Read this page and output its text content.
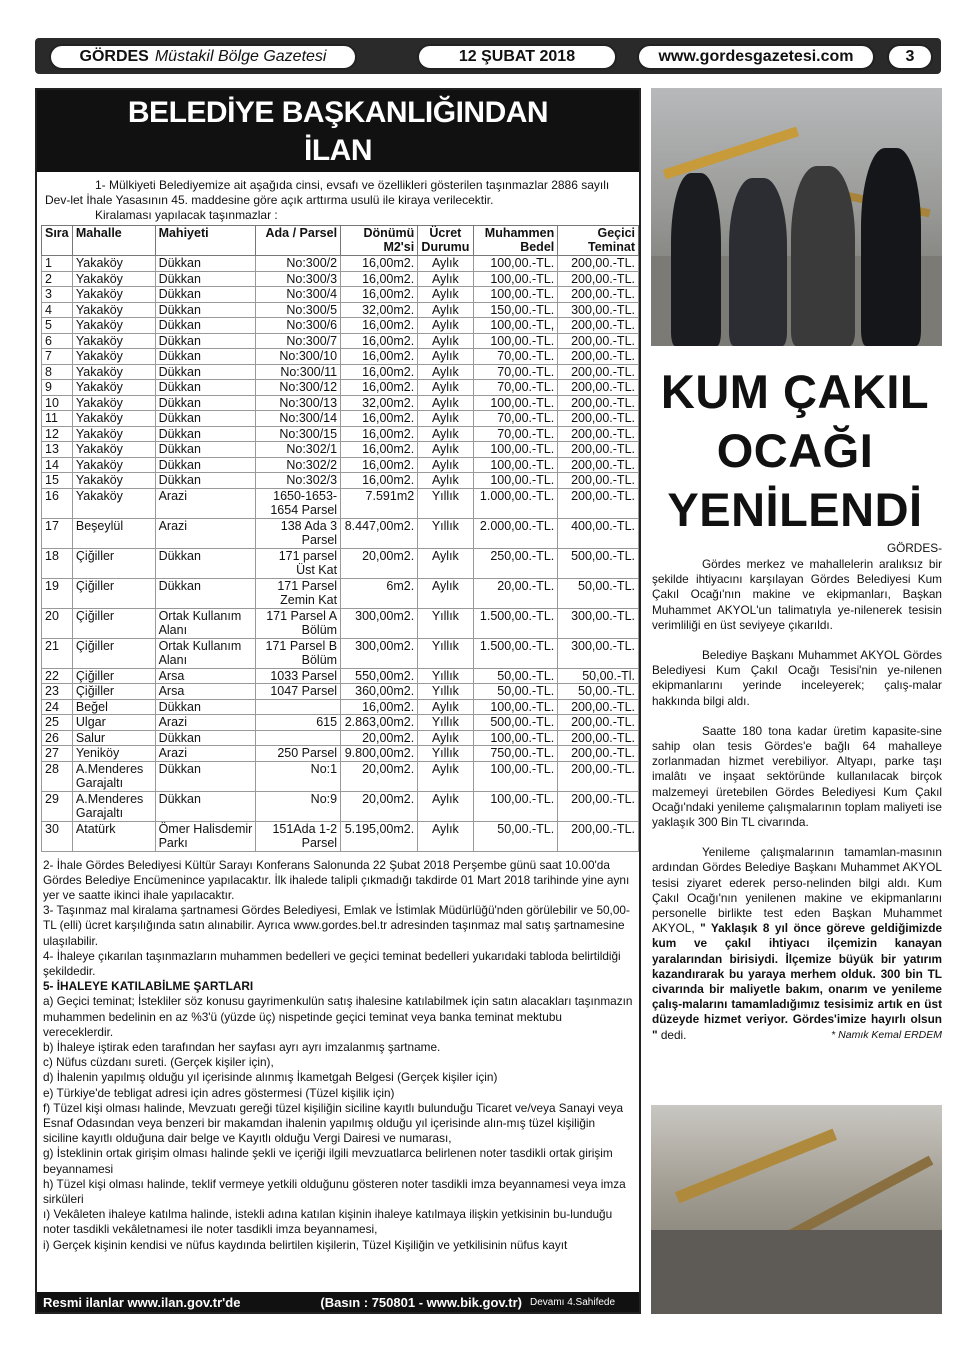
GÖRDES Müstakil Bölge Gazetesi	12 ŞUBAT 2018	www.gordesgazetesi.com	3
BELEDİYE BAŞKANLIĞINDAN
İLAN
1- Mülkiyeti Belediyemize ait aşağıda cinsi, evsafı ve özellikleri gösterilen taşınmazlar 2886 sayılı Dev-let İhale Yasasının 45. maddesine göre açık arttırma usulü ile kiraya verilecektir.
Kiralaması yapılacak taşınmazlar :
Sıra	Mahalle	Mahiyeti	Ada / Parsel	Dönümü M2'si	Ücret Durumu	Muhammen Bedel	Geçici Teminat
1	Yakaköy	Dükkan	No:300/2	16,00m2.	Aylık	100,00.-TL.	200,00.-TL.
2	Yakaköy	Dükkan	No:300/3	16,00m2.	Aylık	100,00.-TL.	200,00.-TL.
3	Yakaköy	Dükkan	No:300/4	16,00m2.	Aylık	100,00.-TL.	200,00.-TL.
4	Yakaköy	Dükkan	No:300/5	32,00m2.	Aylık	150,00.-TL.	300,00.-TL.
5	Yakaköy	Dükkan	No:300/6	16,00m2.	Aylık	100,00.-TL,	200,00.-TL.
6	Yakaköy	Dükkan	No:300/7	16,00m2.	Aylık	100,00.-TL.	200,00.-TL.
7	Yakaköy	Dükkan	No:300/10	16,00m2.	Aylık	70,00.-TL.	200,00.-TL.
8	Yakaköy	Dükkan	No:300/11	16,00m2.	Aylık	70,00.-TL.	200,00.-TL.
9	Yakaköy	Dükkan	No:300/12	16,00m2.	Aylık	70,00.-TL.	200,00.-TL.
10	Yakaköy	Dükkan	No:300/13	32,00m2.	Aylık	100,00.-TL.	200,00.-TL.
11	Yakaköy	Dükkan	No:300/14	16,00m2.	Aylık	70,00.-TL.	200,00.-TL.
12	Yakaköy	Dükkan	No:300/15	16,00m2.	Aylık	70,00.-TL.	200,00.-TL.
13	Yakaköy	Dükkan	No:302/1	16,00m2.	Aylık	100,00.-TL.	200,00.-TL.
14	Yakaköy	Dükkan	No:302/2	16,00m2.	Aylık	100,00.-TL.	200,00.-TL.
15	Yakaköy	Dükkan	No:302/3	16,00m2.	Aylık	100,00.-TL.	200,00.-TL.
16	Yakaköy	Arazi	1650-1653-1654 Parsel	7.591m2	Yıllık	1.000,00.-TL.	200,00.-TL.
17	Beşeylül	Arazi	138 Ada 3 Parsel	8.447,00m2.	Yıllık	2.000,00.-TL.	400,00.-TL.
18	Çiğiller	Dükkan	171 parsel Üst Kat	20,00m2.	Aylık	250,00.-TL.	500,00.-TL.
19	Çiğiller	Dükkan	171 Parsel Zemin Kat	6m2.	Aylık	20,00.-TL.	50,00.-TL.
20	Çiğiller	Ortak Kullanım Alanı	171 Parsel A Bölüm	300,00m2.	Yıllık	1.500,00.-TL.	300,00.-TL.
21	Çiğiller	Ortak Kullanım Alanı	171 Parsel B Bölüm	300,00m2.	Yıllık	1.500,00.-TL.	300,00.-TL.
22	Çiğiller	Arsa	1033 Parsel	550,00m2.	Yıllık	50,00.-TL.	50,00.-Tl.
23	Çiğiller	Arsa	1047 Parsel	360,00m2.	Yıllık	50,00.-TL.	50,00.-TL.
24	Beğel	Dükkan		16,00m2.	Aylık	100,00.-TL.	200,00.-TL.
25	Ulgar	Arazi	615	2.863,00m2.	Yıllık	500,00.-TL.	200,00.-TL.
26	Salur	Dükkan		20,00m2.	Aylık	100,00.-TL.	200,00.-TL.
27	Yeniköy	Arazi	250 Parsel	9.800,00m2.	Yıllık	750,00.-TL.	200,00.-TL.
28	A.Menderes Garajaltı	Dükkan	No:1	20,00m2.	Aylık	100,00.-TL.	200,00.-TL.
29	A.Menderes Garajaltı	Dükkan	No:9	20,00m2.	Aylık	100,00.-TL.	200,00.-TL.
30	Atatürk	Ömer Halisdemir Parkı	151Ada 1-2 Parsel	5.195,00m2.	Aylık	50,00.-TL.	200,00.-TL.
2- İhale Gördes Belediyesi Kültür Sarayı Konferans Salonunda 22 Şubat 2018 Perşembe günü saat 10.00'da Gördes Belediye Encümenince yapılacaktır. İlk ihalede talipli çıkmadığı takdirde 01 Mart 2018 tarihinde yine aynı yer ve saatte ikinci ihale yapılacaktır.
3- Taşınmaz mal kiralama şartnamesi Gördes Belediyesi, Emlak ve İstimlak Müdürlüğü'nden görülebilir ve 50,00-TL (elli) ücret karşılığında satın alınabilir. Ayrıca www.gordes.bel.tr adresinden taşınmaz mal satış şartnamesine ulaşılabilir.
4- İhaleye çıkarılan taşınmazların muhammen bedelleri ve geçici teminat bedelleri yukarıdaki tabloda belirtildiği şekildedir.
5- İHALEYE KATILABİLME ŞARTLARI
a) Geçici teminat; İstekliler söz konusu gayrimenkulün satış ihalesine katılabilmek için satın alacakları taşınmazın muhammen bedelinin en az %3'ü (yüzde üç) nispetinde geçici teminat veya banka teminat mektubu vereceklerdir.
b) İhaleye iştirak eden tarafından her sayfası ayrı ayrı imzalanmış şartname.
c) Nüfus cüzdanı sureti. (Gerçek kişiler için),
d) İhalenin yapılmış olduğu yıl içerisinde alınmış İkametgah Belgesi (Gerçek kişiler için)
e) Türkiye'de tebligat adresi için adres göstermesi (Tüzel kişilik için)
f) Tüzel kişi olması halinde, Mevzuatı gereği tüzel kişiliğin siciline kayıtlı bulunduğu Ticaret ve/veya Sanayi veya Esnaf Odasından veya benzeri bir makamdan ihalenin yapılmış olduğu yıl içerisinde alın-mış tüzel kişiliğin siciline kayıtlı olduğuna dair belge ve Kayıtlı olduğu Vergi Dairesi ve numarası,
g) İsteklinin ortak girişim olması halinde şekli ve içeriği ilgili mevzuatlarca belirlenen noter tasdikli ortak girişim beyannamesi
h) Tüzel kişi olması halinde, teklif vermeye yetkili olduğunu gösteren noter tasdikli imza beyannamesi veya imza sirküleri
ı) Vekâleten ihaleye katılma halinde, istekli adına katılan kişinin ihaleye katılmaya ilişkin yetkisinin bu-lunduğu noter tasdikli vekâletnamesi ile noter tasdikli imza beyannamesi,
i) Gerçek kişinin kendisi ve nüfus kaydında belirtilen kişilerin, Tüzel Kişiliğin ve yetkilisinin nüfus kayıt
Resmi ilanlar www.ilan.gov.tr'de	(Basın : 750801 - www.bik.gov.tr) Devamı 4.Sahifede
KUM ÇAKIL
OCAĞI
YENİLENDİ
GÖRDES-

Gördes merkez ve mahallelerin aralıksız bir şekilde ihtiyacını karşılayan Gördes Belediyesi Kum Çakıl Ocağı'nın makine ve ekipmanları, Başkan Muhammet AKYOL'un talimatıyla ye-nilenerek tesisin verimliliği en üst seviyeye çıkarıldı.

Belediye Başkanı Muhammet AKYOL Gördes Belediyesi Kum Çakıl Ocağı Tesisi'nin ye-nilenen ekipmanlarını yerinde inceleyerek; çalış-malar hakkında bilgi aldı.

Saatte 180 tona kadar üretim kapasite-sine sahip olan tesis Gördes'e bağlı 64 mahalleye zorlanmadan hizmet verebiliyor. Altyapı, parke taşı imalâtı ve inşaat sektöründe kullanılacak birçok malzemeyi üretebilen Gördes Belediyesi Kum Çakıl Ocağı'ndaki yenileme çalışmalarının toplam maliyeti ise yaklaşık 300 Bin TL civarında.

Yenileme çalışmalarının tamamlan-masının ardından Gördes Belediye Başkanı Muhammet AKYOL tesisi ziyaret ederek perso-nelinden bilgi aldı. Kum Çakıl Ocağı'nın yenilenen makine ve ekipmanlarını personelle birlikte test eden Başkan Muhammet AKYOL, " Yaklaşık 8 yıl önce göreve geldiğimizde kum ve çakıl ihtiyacı ilçemizin kanayan yaralarından birisiydi. İlçemize büyük bir yatırım kazandırarak bu yaraya merhem olduk. 300 bin TL civarında bir maliyetle bakım, onarım ve yenileme çalış-malarını tamamladığımız tesisimiz artık en üst düzeyde hizmet veriyor. Gördes'imize hayırlı olsun " dedi.	* Namık Kemal ERDEM
